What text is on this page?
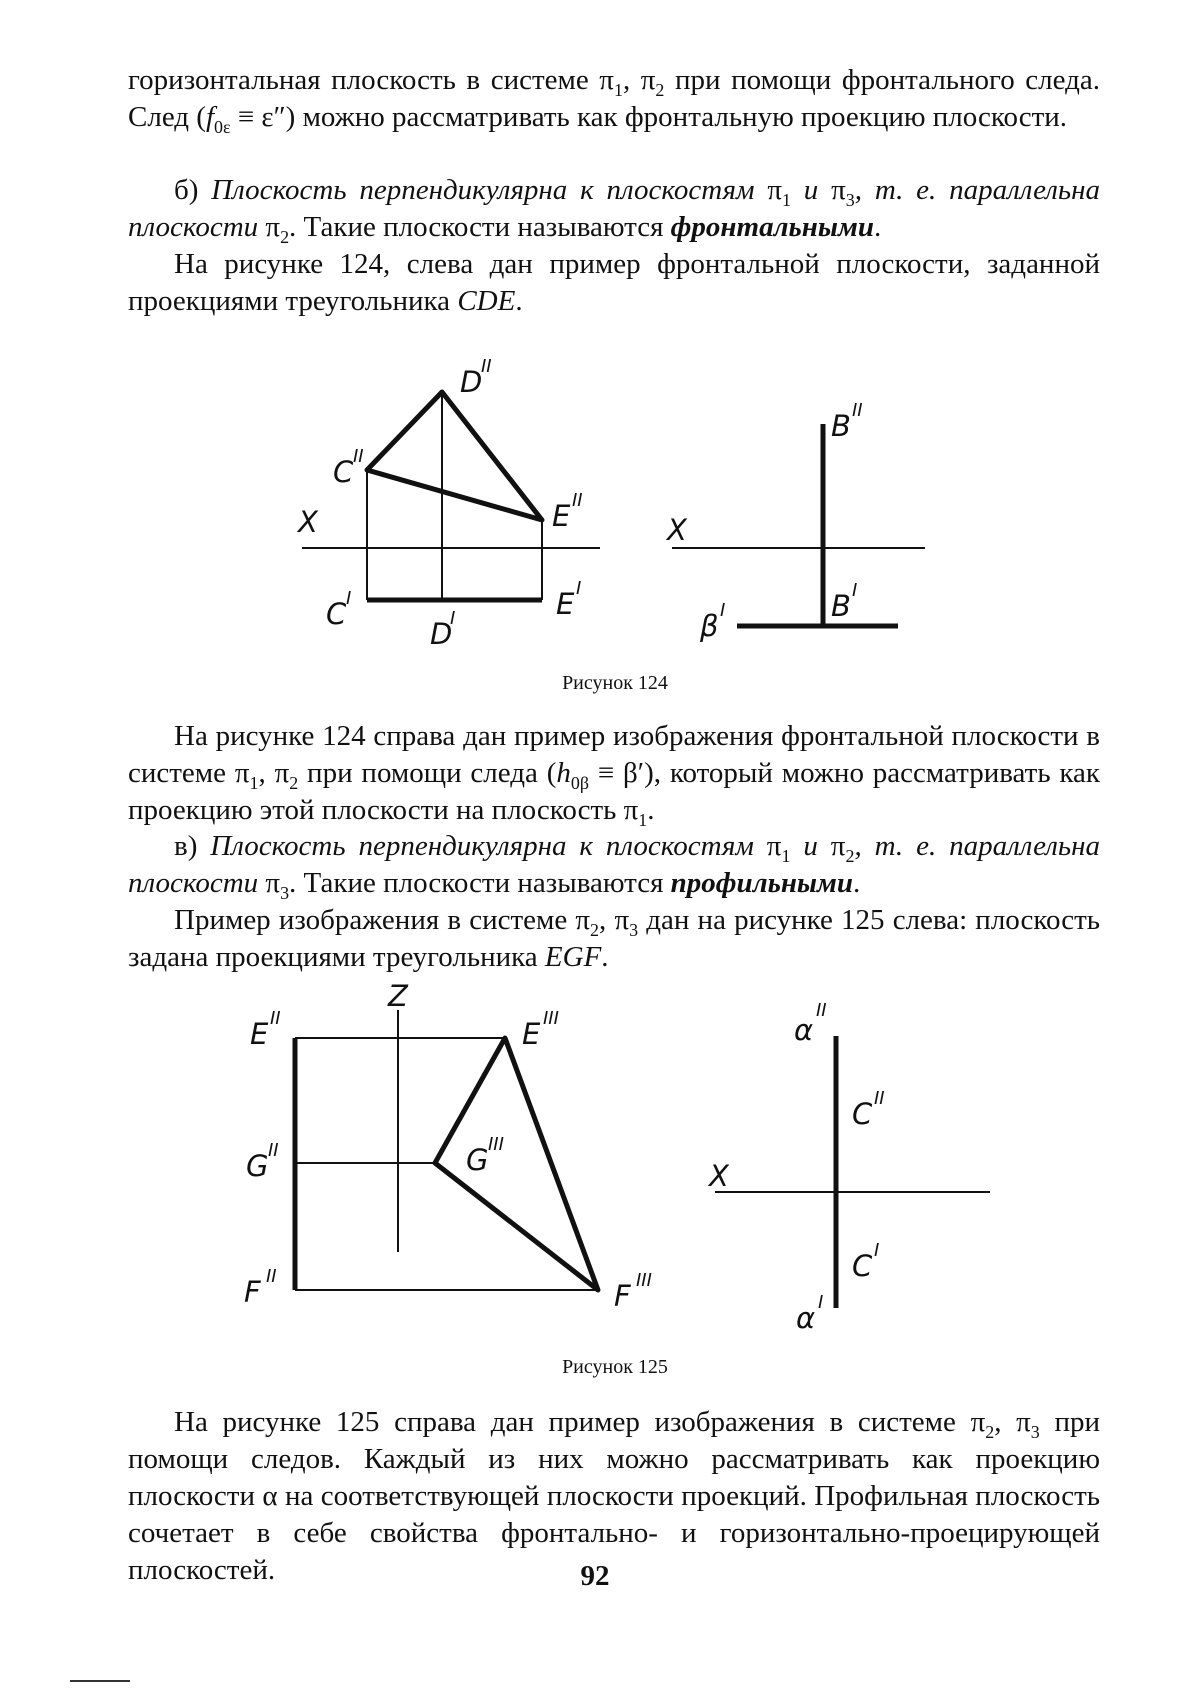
горизонтальная плоскость в системе $\pi_1$, $\pi_2$ при помощи фронтального следа. След $(f_{0\varepsilon} \equiv \varepsilon'')$ можно рассматривать как фронтальную проекцию плоскости.

б) Плоскость перпендикулярна к плоскостям $\pi_1$ и $\pi_3$, т. е. параллельна плоскости $\pi_2$. Такие плоскости называются фронтальными.

На рисунке 124, слева дан пример фронтальной плоскости, заданной проекциями треугольника CDE.

Рисунок 124

На рисунке 124 справа дан пример изображения фронтальной плоскости в системе $\pi_1$, $\pi_2$ при помощи следа $(h_{0\beta} \equiv \beta')$, который можно рассматривать как проекцию этой плоскости на плоскость $\pi_1$.

в) Плоскость перпендикулярна к плоскостям $\pi_1$ и $\pi_2$, т. е. параллельна плоскости $\pi_3$. Такие плоскости называются профильными.

Пример изображения в системе $\pi_2$, $\pi_3$ дан на рисунке 125 слева: плоскость задана проекциями треугольника EGF.

Рисунок 125

На рисунке 125 справа дан пример изображения в системе $\pi_2$, $\pi_3$ при помощи следов. Каждый из них можно рассматривать как проекцию плоскости α на соответствующей плоскости проекций. Профильная плоскость сочетает в себе свойства фронтально- и горизонтально-проецирующей плоскостей.	92
X
D
II
C II
E II
C I
D
I	E I
X
B II
B I
β I
Z
E II
G II
F II
E III
G III
F III
X
α
II
C II
C I
α I
